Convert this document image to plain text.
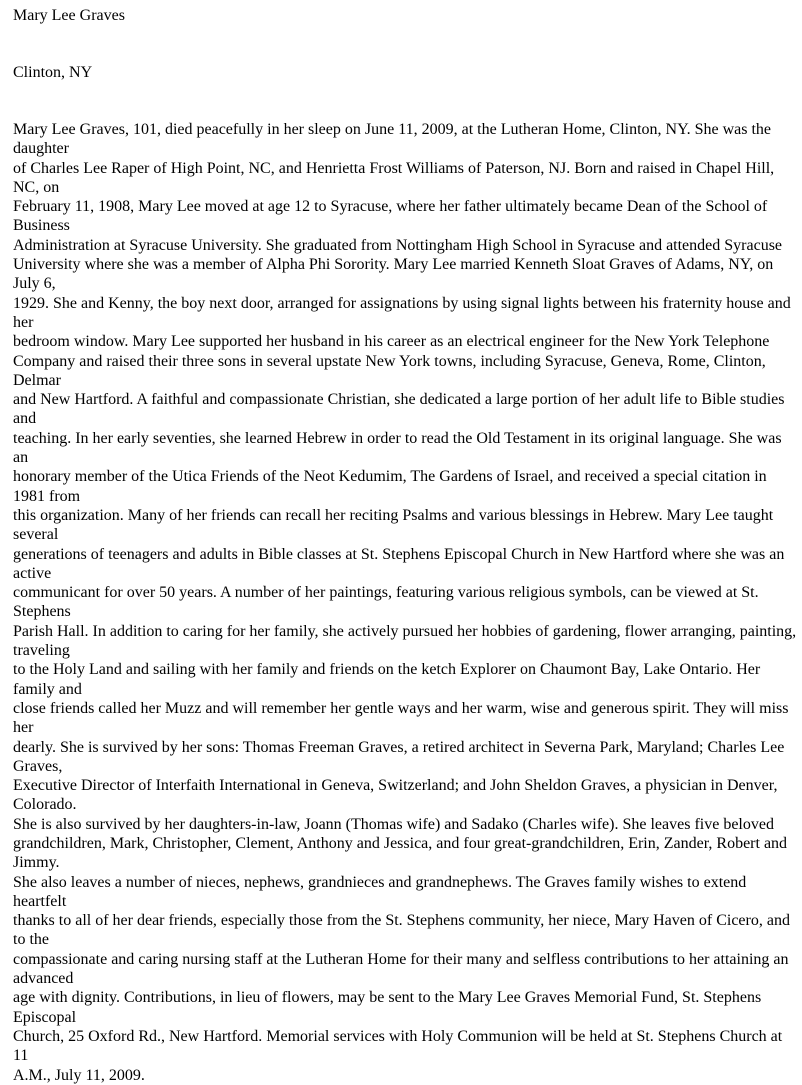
Mary Lee Graves

Clinton, NY

Mary Lee Graves, 101, died peacefully in her sleep on June 11, 2009, at the Lutheran Home, Clinton, NY. She was the daughter
of Charles Lee Raper of High Point, NC, and Henrietta Frost Williams of Paterson, NJ. Born and raised in Chapel Hill, NC, on
February 11, 1908, Mary Lee moved at age 12 to Syracuse, where her father ultimately became Dean of the School of Business
Administration at Syracuse University. She graduated from Nottingham High School in Syracuse and attended Syracuse
University where she was a member of Alpha Phi Sorority. Mary Lee married Kenneth Sloat Graves of Adams, NY, on July 6,
1929. She and Kenny, the boy next door, arranged for assignations by using signal lights between his fraternity house and her
bedroom window. Mary Lee supported her husband in his career as an electrical engineer for the New York Telephone
Company and raised their three sons in several upstate New York towns, including Syracuse, Geneva, Rome, Clinton, Delmar
and New Hartford. A faithful and compassionate Christian, she dedicated a large portion of her adult life to Bible studies and
teaching. In her early seventies, she learned Hebrew in order to read the Old Testament in its original language. She was an
honorary member of the Utica Friends of the Neot Kedumim, The Gardens of Israel, and received a special citation in 1981 from
this organization. Many of her friends can recall her reciting Psalms and various blessings in Hebrew. Mary Lee taught several
generations of teenagers and adults in Bible classes at St. Stephens Episcopal Church in New Hartford where she was an active
communicant for over 50 years. A number of her paintings, featuring various religious symbols, can be viewed at St. Stephens
Parish Hall. In addition to caring for her family, she actively pursued her hobbies of gardening, flower arranging, painting, traveling
to the Holy Land and sailing with her family and friends on the ketch Explorer on Chaumont Bay, Lake Ontario. Her family and
close friends called her Muzz and will remember her gentle ways and her warm, wise and generous spirit. They will miss her
dearly. She is survived by her sons: Thomas Freeman Graves, a retired architect in Severna Park, Maryland; Charles Lee Graves,
Executive Director of Interfaith International in Geneva, Switzerland; and John Sheldon Graves, a physician in Denver, Colorado.
She is also survived by her daughters-in-law, Joann (Thomas wife) and Sadako (Charles wife). She leaves five beloved
grandchildren, Mark, Christopher, Clement, Anthony and Jessica, and four great-grandchildren, Erin, Zander, Robert and Jimmy.
She also leaves a number of nieces, nephews, grandnieces and grandnephews. The Graves family wishes to extend heartfelt
thanks to all of her dear friends, especially those from the St. Stephens community, her niece, Mary Haven of Cicero, and to the
compassionate and caring nursing staff at the Lutheran Home for their many and selfless contributions to her attaining an advanced
age with dignity. Contributions, in lieu of flowers, may be sent to the Mary Lee Graves Memorial Fund, St. Stephens Episcopal
Church, 25 Oxford Rd., New Hartford. Memorial services with Holy Communion will be held at St. Stephens Church at 11
A.M., July 11, 2009.
